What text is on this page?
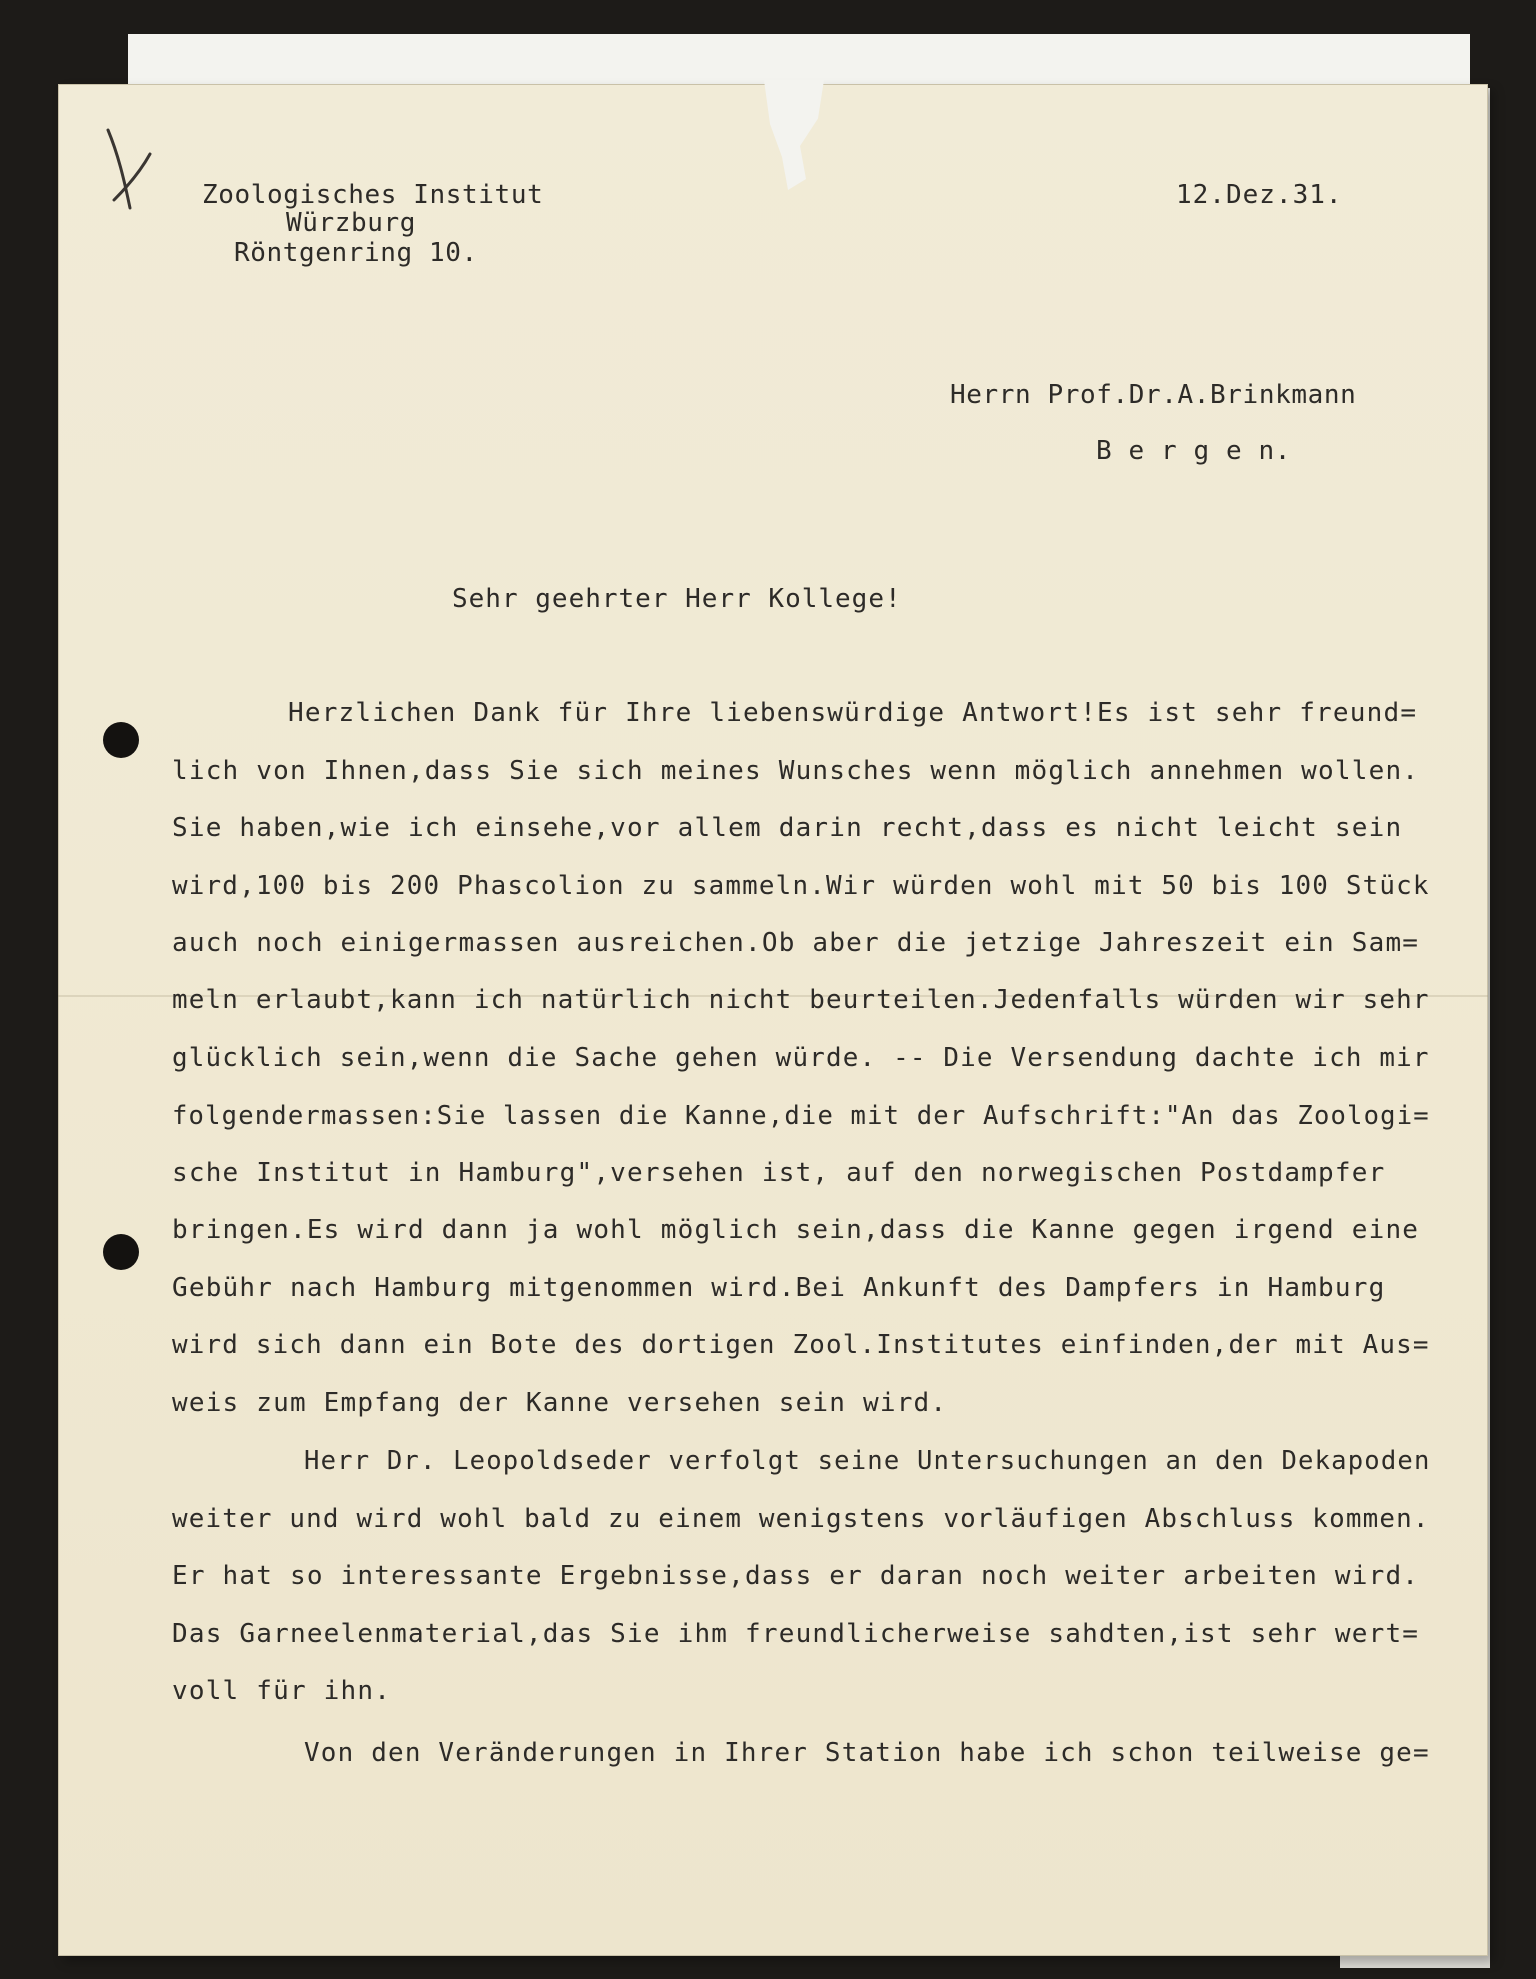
Zoologisches Institut
Würzburg
Röntgenring 10.
12.Dez.31.
Herrn Prof.Dr.A.Brinkmann
B e r g e n.
Sehr geehrter Herr Kollege!
Herzlichen Dank für Ihre liebenswürdige Antwort!Es ist sehr freund=
lich von Ihnen,dass Sie sich meines Wunsches wenn möglich annehmen wollen.
Sie haben,wie ich einsehe,vor allem darin recht,dass es nicht leicht sein
wird,100 bis 200 Phascolion zu sammeln.Wir würden wohl mit 50 bis 100 Stück
auch noch einigermassen ausreichen.Ob aber die jetzige Jahreszeit ein Sam=
meln erlaubt,kann ich natürlich nicht beurteilen.Jedenfalls würden wir sehr
glücklich sein,wenn die Sache gehen würde. -- Die Versendung dachte ich mir
folgendermassen:Sie lassen die Kanne,die mit der Aufschrift:"An das Zoologi=
sche Institut in Hamburg",versehen ist, auf den norwegischen Postdampfer
bringen.Es wird dann ja wohl möglich sein,dass die Kanne gegen irgend eine
Gebühr nach Hamburg mitgenommen wird.Bei Ankunft des Dampfers in Hamburg
wird sich dann ein Bote des dortigen Zool.Institutes einfinden,der mit Aus=
weis zum Empfang der Kanne versehen sein wird.
Herr Dr. Leopoldseder verfolgt seine Untersuchungen an den Dekapoden
weiter und wird wohl bald zu einem wenigstens vorläufigen Abschluss kommen.
Er hat so interessante Ergebnisse,dass er daran noch weiter arbeiten wird.
Das Garneelenmaterial,das Sie ihm freundlicherweise sahdten,ist sehr wert=
voll für ihn.
Von den Veränderungen in Ihrer Station habe ich schon teilweise ge=
